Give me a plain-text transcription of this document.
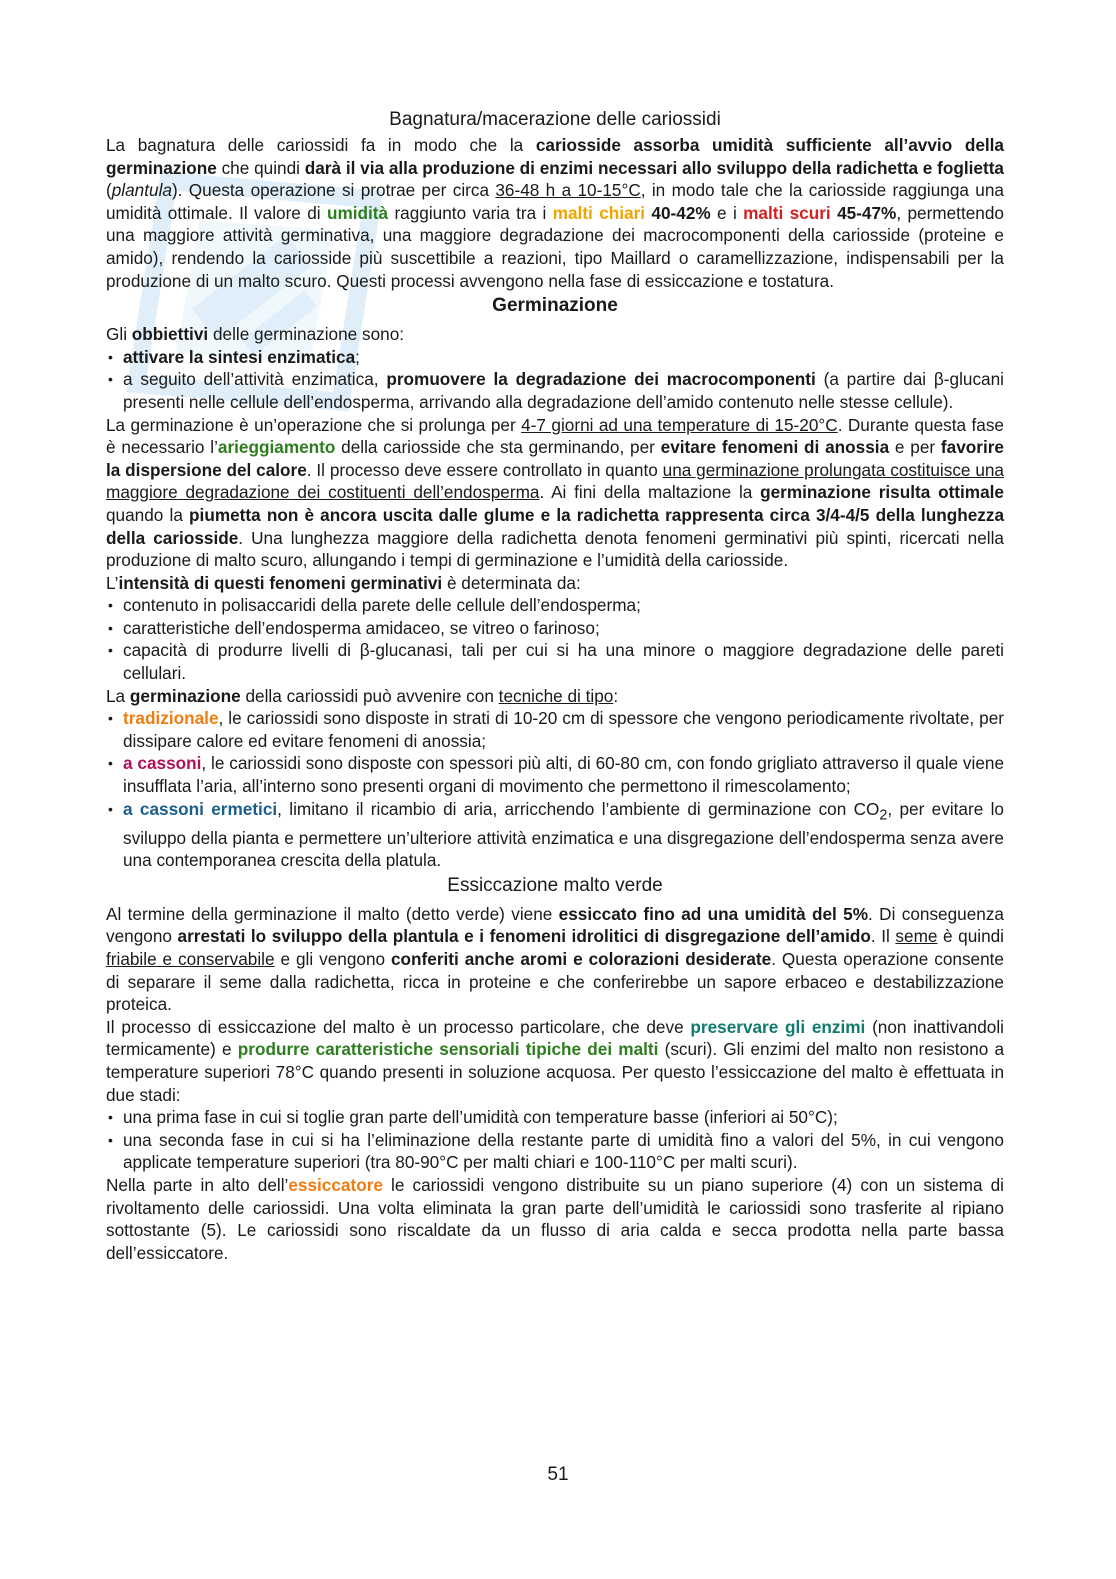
Bagnatura/macerazione delle cariossidi

La bagnatura delle cariossidi fa in modo che la cariosside assorba umidità sufficiente all’avvio della germinazione che quindi darà il via alla produzione di enzimi necessari allo sviluppo della radichetta e foglietta (plantula). Questa operazione si protrae per circa 36-48 h a 10-15°C, in modo tale che la cariosside raggiunga una umidità ottimale. Il valore di umidità raggiunto varia tra i malti chiari 40-42% e i malti scuri 45-47%, permettendo una maggiore attività germinativa, una maggiore degradazione dei macrocomponenti della cariosside (proteine e amido), rendendo la cariosside più suscettibile a reazioni, tipo Maillard o caramellizzazione, indispensabili per la produzione di un malto scuro. Questi processi avvengono nella fase di essiccazione e tostatura.

Germinazione

Gli obbiettivi delle germinazione sono:

• attivare la sintesi enzimatica;
• a seguito dell’attività enzimatica, promuovere la degradazione dei macrocomponenti (a partire dai β-glucani presenti nelle cellule dell’endosperma, arrivando alla degradazione dell’amido contenuto nelle stesse cellule).

La germinazione è un’operazione che si prolunga per 4-7 giorni ad una temperature di 15-20°C. Durante questa fase è necessario l’arieggiamento della cariosside che sta germinando, per evitare fenomeni di anossia e per favorire la dispersione del calore. Il processo deve essere controllato in quanto una germinazione prolungata costituisce una maggiore degradazione dei costituenti dell’endosperma. Ai fini della maltazione la germinazione risulta ottimale quando la piumetta non è ancora uscita dalle glume e la radichetta rappresenta circa 3/4-4/5 della lunghezza della cariosside. Una lunghezza maggiore della radichetta denota fenomeni germinativi più spinti, ricercati nella produzione di malto scuro, allungando i tempi di germinazione e l’umidità della cariosside.

L’intensità di questi fenomeni germinativi è determinata da:

• contenuto in polisaccaridi della parete delle cellule dell’endosperma;
• caratteristiche dell’endosperma amidaceo, se vitreo o farinoso;
• capacità di produrre livelli di β-glucanasi, tali per cui si ha una minore o maggiore degradazione delle pareti cellulari.

La germinazione della cariossidi può avvenire con tecniche di tipo:

• tradizionale, le cariossidi sono disposte in strati di 10-20 cm di spessore che vengono periodicamente rivoltate, per dissipare calore ed evitare fenomeni di anossia;
• a cassoni, le cariossidi sono disposte con spessori più alti, di 60-80 cm, con fondo grigliato attraverso il quale viene insufflata l’aria, all’interno sono presenti organi di movimento che permettono il rimescolamento;
• a cassoni ermetici, limitano il ricambio di aria, arricchendo l’ambiente di germinazione con $CO_2$, per evitare lo sviluppo della pianta e permettere un’ulteriore attività enzimatica e una disgregazione dell’endosperma senza avere una contemporanea crescita della platula.
Essiccazione malto verde

Al termine della germinazione il malto (detto verde) viene essiccato fino ad una umidità del 5%. Di conseguenza vengono arrestati lo sviluppo della plantula e i fenomeni idrolitici di disgregazione dell’amido. Il seme è quindi friabile e conservabile e gli vengono conferiti anche aromi e colorazioni desiderate. Questa operazione consente di separare il seme dalla radichetta, ricca in proteine e che conferirebbe un sapore erbaceo e destabilizzazione proteica.

Il processo di essiccazione del malto è un processo particolare, che deve preservare gli enzimi (non inattivandoli termicamente) e produrre caratteristiche sensoriali tipiche dei malti (scuri). Gli enzimi del malto non resistono a temperature superiori 78°C quando presenti in soluzione acquosa. Per questo l’essiccazione del malto è effettuata in due stadi:

• una prima fase in cui si toglie gran parte dell’umidità con temperature basse (inferiori ai 50°C);
• una seconda fase in cui si ha l’eliminazione della restante parte di umidità fino a valori del 5%, in cui vengono applicate temperature superiori (tra 80-90°C per malti chiari e 100-110°C per malti scuri).

Nella parte in alto dell’essiccatore le cariossidi vengono distribuite su un piano superiore (4) con un sistema di rivoltamento delle cariossidi. Una volta eliminata la gran parte dell’umidità le cariossidi sono trasferite al ripiano sottostante (5). Le cariossidi sono riscaldate da un flusso di aria calda e secca prodotta nella parte bassa dell’essiccatore.

51
